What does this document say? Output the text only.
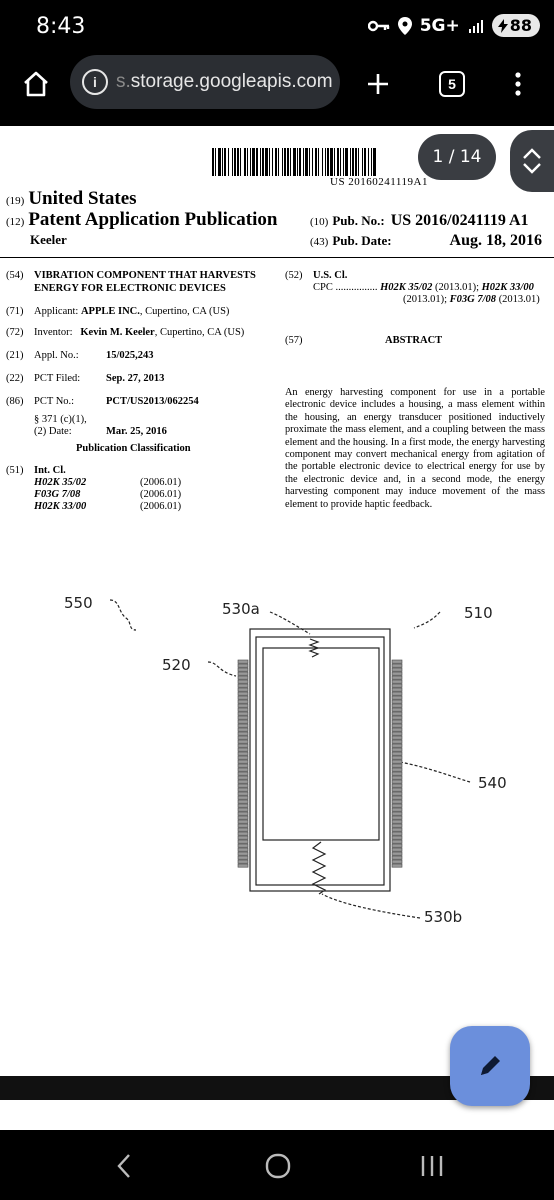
8:43	5G+	88
i	s. storage.googleapis.com	5
US 20160241119A1
1 / 14
(19) United States
(12) Patent Application Publication
Keeler
(10) Pub. No.: US 2016/0241119 A1
(43) Pub. Date:	Aug. 18, 2016
(54) VIBRATION COMPONENT THAT HARVESTS
ENERGY FOR ELECTRONIC DEVICES
(71) Applicant: APPLE INC., Cupertino, CA (US)
(72) Inventor: Kevin M. Keeler, Cupertino, CA (US)
(21) Appl. No.:	15/025,243
(22) PCT Filed: Sep. 27, 2013
(86) PCT No.:	PCT/US2013/062254
§ 371 (c)(1),
(2) Date:	Mar. 25, 2016
Publication Classification
(51) Int. Cl.
H02K 35/02	(2006.01)
F03G 7/08	(2006.01)
H02K 33/00	(2006.01)
(52) U.S. Cl.
CPC ................ H02K 35/02 (2013.01); H02K 33/00
(2013.01); F03G 7/08 (2013.01)
(57)	ABSTRACT
An energy harvesting component for use in a portable electronic device includes a housing, a mass element within the housing, an energy transducer positioned inductively proximate the mass element, and a coupling between the mass element and the housing. In a first mode, the energy harvesting component may convert mechanical energy from agitation of the portable electronic device to electrical energy for use by the electronic device and, in a second mode, the energy harvesting component may induce movement of the mass element to provide haptic feedback.
550	530a	510
520
540
530b
